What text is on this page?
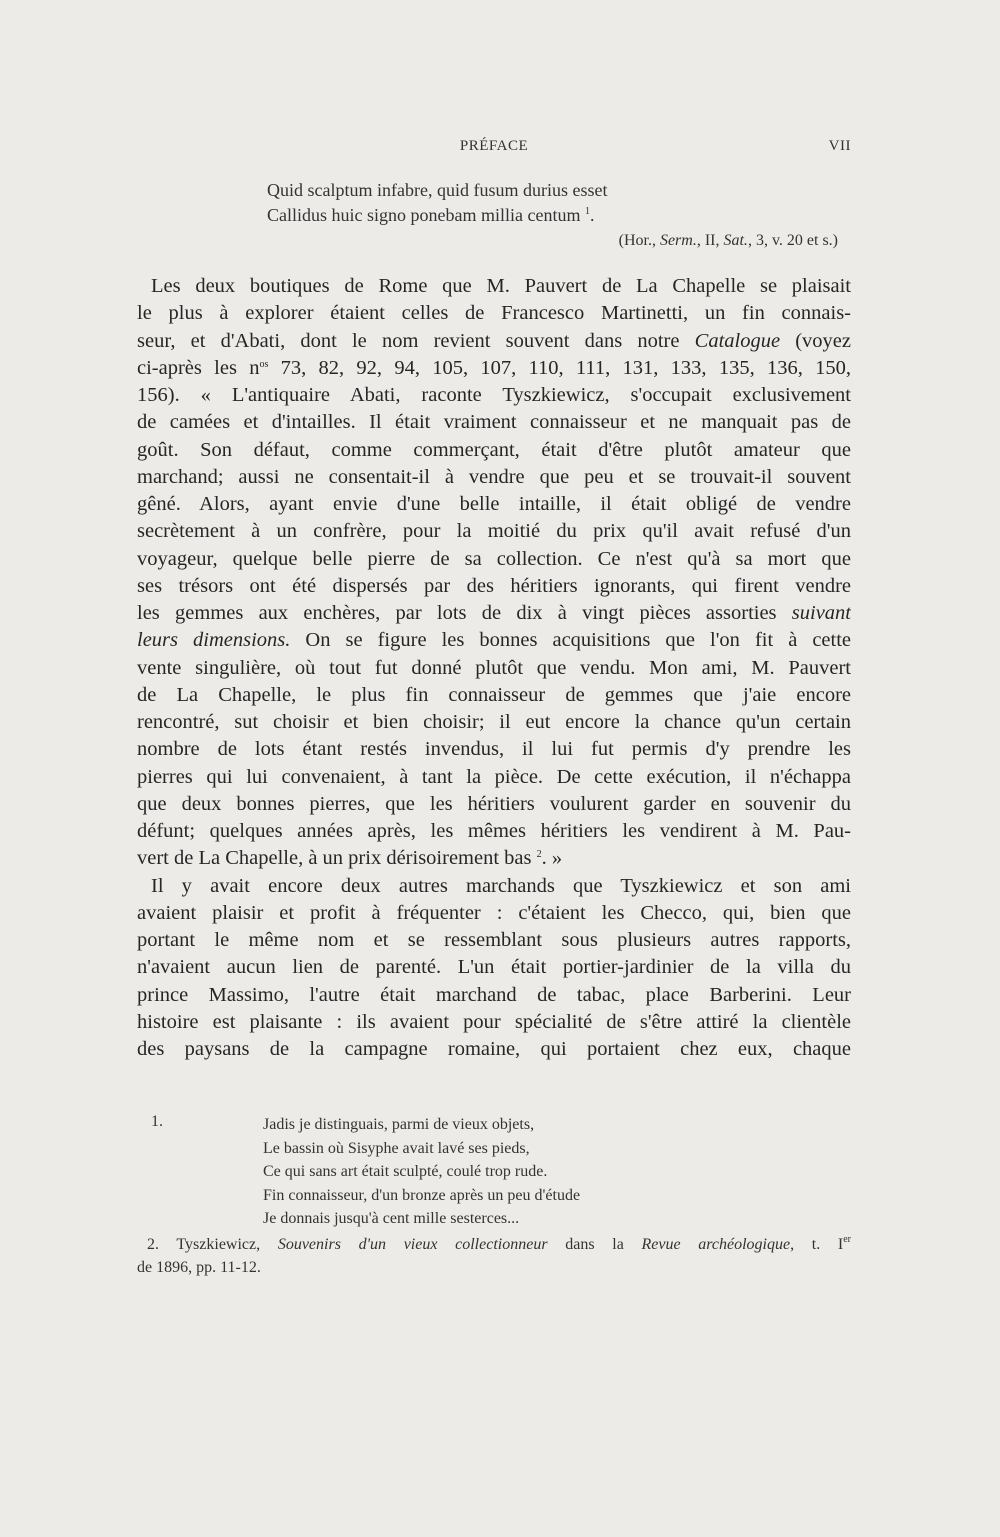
PRÉFACE	VII
Quid scalptum infabre, quid fusum durius esset
Callidus huic signo ponebam millia centum $^1$.
(Hor., Serm., II, Sat., 3, v. 20 et s.)
Les deux boutiques de Rome que M. Pauvert de La Chapelle se plaisait
le plus à explorer étaient celles de Francesco Martinetti, un fin connais-
seur, et d'Abati, dont le nom revient souvent dans notre Catalogue (voyez
ci-après les $n^{os}$ 73, 82, 92, 94, 105, 107, 110, 111, 131, 133, 135, 136, 150,
156). « L'antiquaire Abati, raconte Tyszkiewicz, s'occupait exclusivement
de camées et d'intailles. Il était vraiment connaisseur et ne manquait pas de
goût. Son défaut, comme commerçant, était d'être plutôt amateur que
marchand; aussi ne consentait-il à vendre que peu et se trouvait-il souvent
gêné. Alors, ayant envie d'une belle intaille, il était obligé de vendre
secrètement à un confrère, pour la moitié du prix qu'il avait refusé d'un
voyageur, quelque belle pierre de sa collection. Ce n'est qu'à sa mort que
ses trésors ont été dispersés par des héritiers ignorants, qui firent vendre
les gemmes aux enchères, par lots de dix à vingt pièces assorties suivant
leurs dimensions. On se figure les bonnes acquisitions que l'on fit à cette
vente singulière, où tout fut donné plutôt que vendu. Mon ami, M. Pauvert
de La Chapelle, le plus fin connaisseur de gemmes que j'aie encore
rencontré, sut choisir et bien choisir; il eut encore la chance qu'un certain
nombre de lots étant restés invendus, il lui fut permis d'y prendre les
pierres qui lui convenaient, à tant la pièce. De cette exécution, il n'échappa
que deux bonnes pierres, que les héritiers voulurent garder en souvenir du
défunt; quelques années après, les mêmes héritiers les vendirent à M. Pau-
vert de La Chapelle, à un prix dérisoirement bas $^2$. »
Il y avait encore deux autres marchands que Tyszkiewicz et son ami
avaient plaisir et profit à fréquenter : c'étaient les Checco, qui, bien que
portant le même nom et se ressemblant sous plusieurs autres rapports,
n'avaient aucun lien de parenté. L'un était portier-jardinier de la villa du
prince Massimo, l'autre était marchand de tabac, place Barberini. Leur
histoire est plaisante : ils avaient pour spécialité de s'être attiré la clientèle
des paysans de la campagne romaine, qui portaient chez eux, chaque
1.	Jadis je distinguais, parmi de vieux objets,
Le bassin où Sisyphe avait lavé ses pieds,
Ce qui sans art était sculpté, coulé trop rude.
Fin connaisseur, d'un bronze après un peu d'étude
Je donnais jusqu'à cent mille sesterces...
2. Tyszkiewicz, Souvenirs d'un vieux collectionneur dans la Revue archéologique, t. Ier
de 1896, pp. 11-12.
